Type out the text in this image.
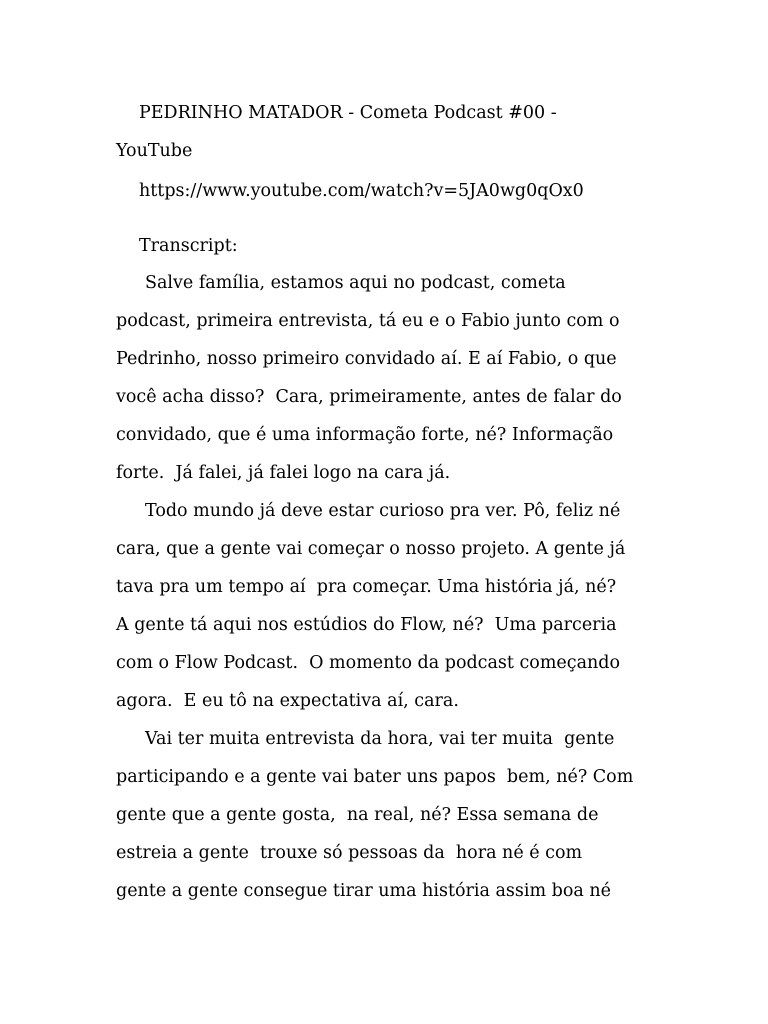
PEDRINHO MATADOR - Cometa Podcast #00 -
YouTube
https://www.youtube.com/watch?v=5JA0wg0qOx0
Transcript:
Salve família, estamos aqui no podcast, cometa
podcast, primeira entrevista, tá eu e o Fabio junto com o
Pedrinho, nosso primeiro convidado aí. E aí Fabio, o que
você acha disso?  Cara, primeiramente, antes de falar do
convidado, que é uma informação forte, né? Informação
forte.  Já falei, já falei logo na cara já.
Todo mundo já deve estar curioso pra ver. Pô, feliz né
cara, que a gente vai começar o nosso projeto. A gente já
tava pra um tempo aí  pra começar. Uma história já, né?
A gente tá aqui nos estúdios do Flow, né?  Uma parceria
com o Flow Podcast.  O momento da podcast começando
agora.  E eu tô na expectativa aí, cara.
Vai ter muita entrevista da hora, vai ter muita  gente
participando e a gente vai bater uns papos  bem, né? Com
gente que a gente gosta,  na real, né? Essa semana de
estreia a gente  trouxe só pessoas da  hora né é com
gente a gente consegue tirar uma história assim boa né
